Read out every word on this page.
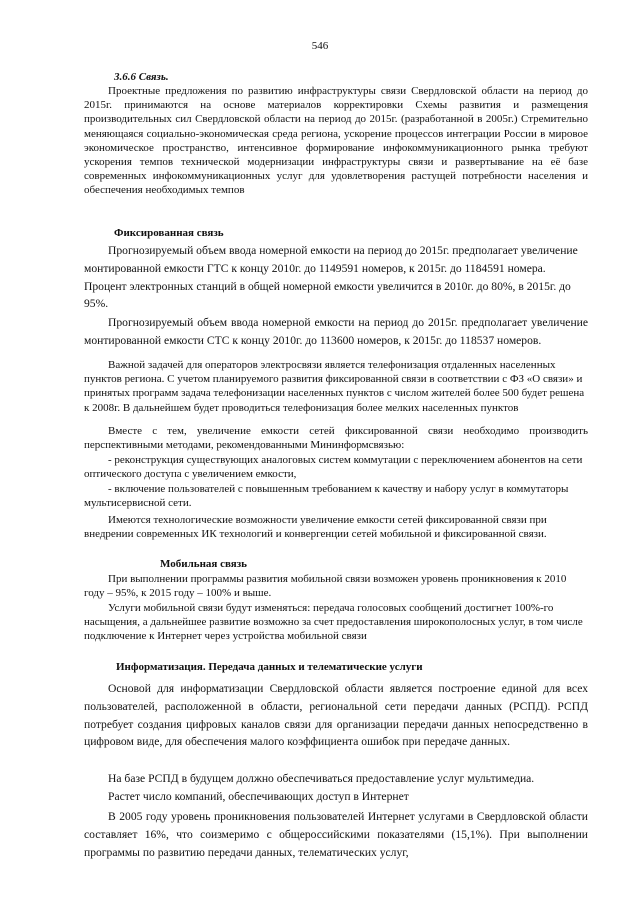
546

3.6.6 Связь.

Проектные предложения по развитию инфраструктуры связи Свердловской области на период до 2015г. принимаются на основе материалов корректировки Схемы развития и размещения производительных сил Свердловской области на период до 2015г. (разработанной в 2005г.) Стремительно меняющаяся социально-экономическая среда региона, ускорение процессов интеграции России в мировое экономическое пространство, интенсивное формирование инфокоммуникационного рынка требуют ускорения темпов технической модернизации инфраструктуры связи и развертывание на её базе современных инфокоммуникационных услуг для удовлетворения растущей потребности населения и обеспечения необходимых темпов

Фиксированная связь

Прогнозируемый объем ввода номерной емкости на период до 2015г. предполагает увеличение монтированной емкости ГТС к концу 2010г. до 1149591 номеров, к 2015г. до 1184591 номера. Процент электронных станций в общей номерной емкости увеличится в 2010г. до 80%, в 2015г. до 95%.

Прогнозируемый объем ввода номерной емкости на период до 2015г. предполагает увеличение монтированной емкости СТС к концу 2010г. до 113600 номеров, к 2015г. до 118537 номеров.

Важной задачей для операторов электросвязи является телефонизация отдаленных населенных пунктов региона. С учетом планируемого развития фиксированной связи в соответствии с ФЗ «О связи» и принятых программ задача телефонизации населенных пунктов с числом жителей более 500 будет решена к 2008г. В дальнейшем будет проводиться телефонизация более мелких населенных пунктов

Вместе с тем, увеличение емкости сетей фиксированной связи необходимо производить перспективными методами, рекомендованными Мининформсвязью:

- реконструкция существующих аналоговых систем коммутации с переключением абонентов на сети оптического доступа с увеличением емкости,

- включение пользователей с повышенным требованием к качеству и набору услуг в коммутаторы мультисервисной сети.

Имеются технологические возможности увеличение емкости сетей фиксированной связи при внедрении современных ИК технологий и конвергенции сетей мобильной и фиксированной связи.

Мобильная связь

При выполнении программы развития мобильной связи возможен уровень проникновения к 2010 году – 95%, к 2015 году – 100% и выше.

Услуги мобильной связи будут изменяться: передача голосовых сообщений достигнет 100%-го насыщения, а дальнейшее развитие возможно за счет предоставления широкополосных услуг, в том числе подключение к Интернет через устройства мобильной связи

Информатизация. Передача данных и телематические услуги

Основой для информатизации Свердловской области является построение единой для всех пользователей, расположенной в области, региональной сети передачи данных (РСПД). РСПД потребует создания цифровых каналов связи для организации передачи данных непосредственно в цифровом виде, для обеспечения малого коэффициента ошибок при передаче данных.

На базе РСПД в будущем должно обеспечиваться предоставление услуг мультимедиа.

Растет число компаний, обеспечивающих доступ в Интернет

В 2005 году уровень проникновения пользователей Интернет услугами в Свердловской области составляет 16%, что соизмеримо с общероссийскими показателями (15,1%). При выполнении программы по развитию передачи данных, телематических услуг,
